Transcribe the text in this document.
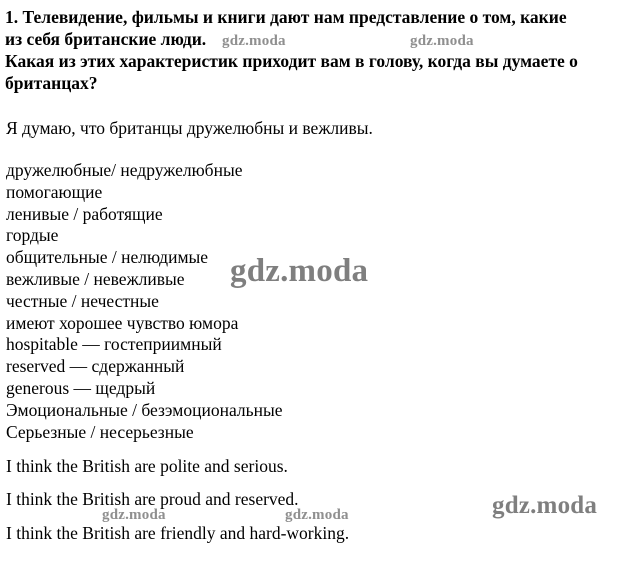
1. Телевидение, фильмы и книги дают нам представление о том, какие
из себя британские люди.
Какая из этих характеристик приходит вам в голову, когда вы думаете о
британцах?

Я думаю, что британцы дружелюбны и вежливы.

дружелюбные/ недружелюбные
помогающие
ленивые / работящие
гордые
общительные / нелюдимые
вежливые / невежливые
честные / нечестные
имеют хорошее чувство юмора
hospitable — гостеприимный
reserved — сдержанный
generous — щедрый
Эмоциональные / безэмоциональные
Серьезные / несерьезные

I think the British are polite and serious.

I think the British are proud and reserved.

I think the British are friendly and hard-working.

gdz.moda	gdz.moda
gdz.moda
gdz.moda
gdz.moda	gdz.moda
